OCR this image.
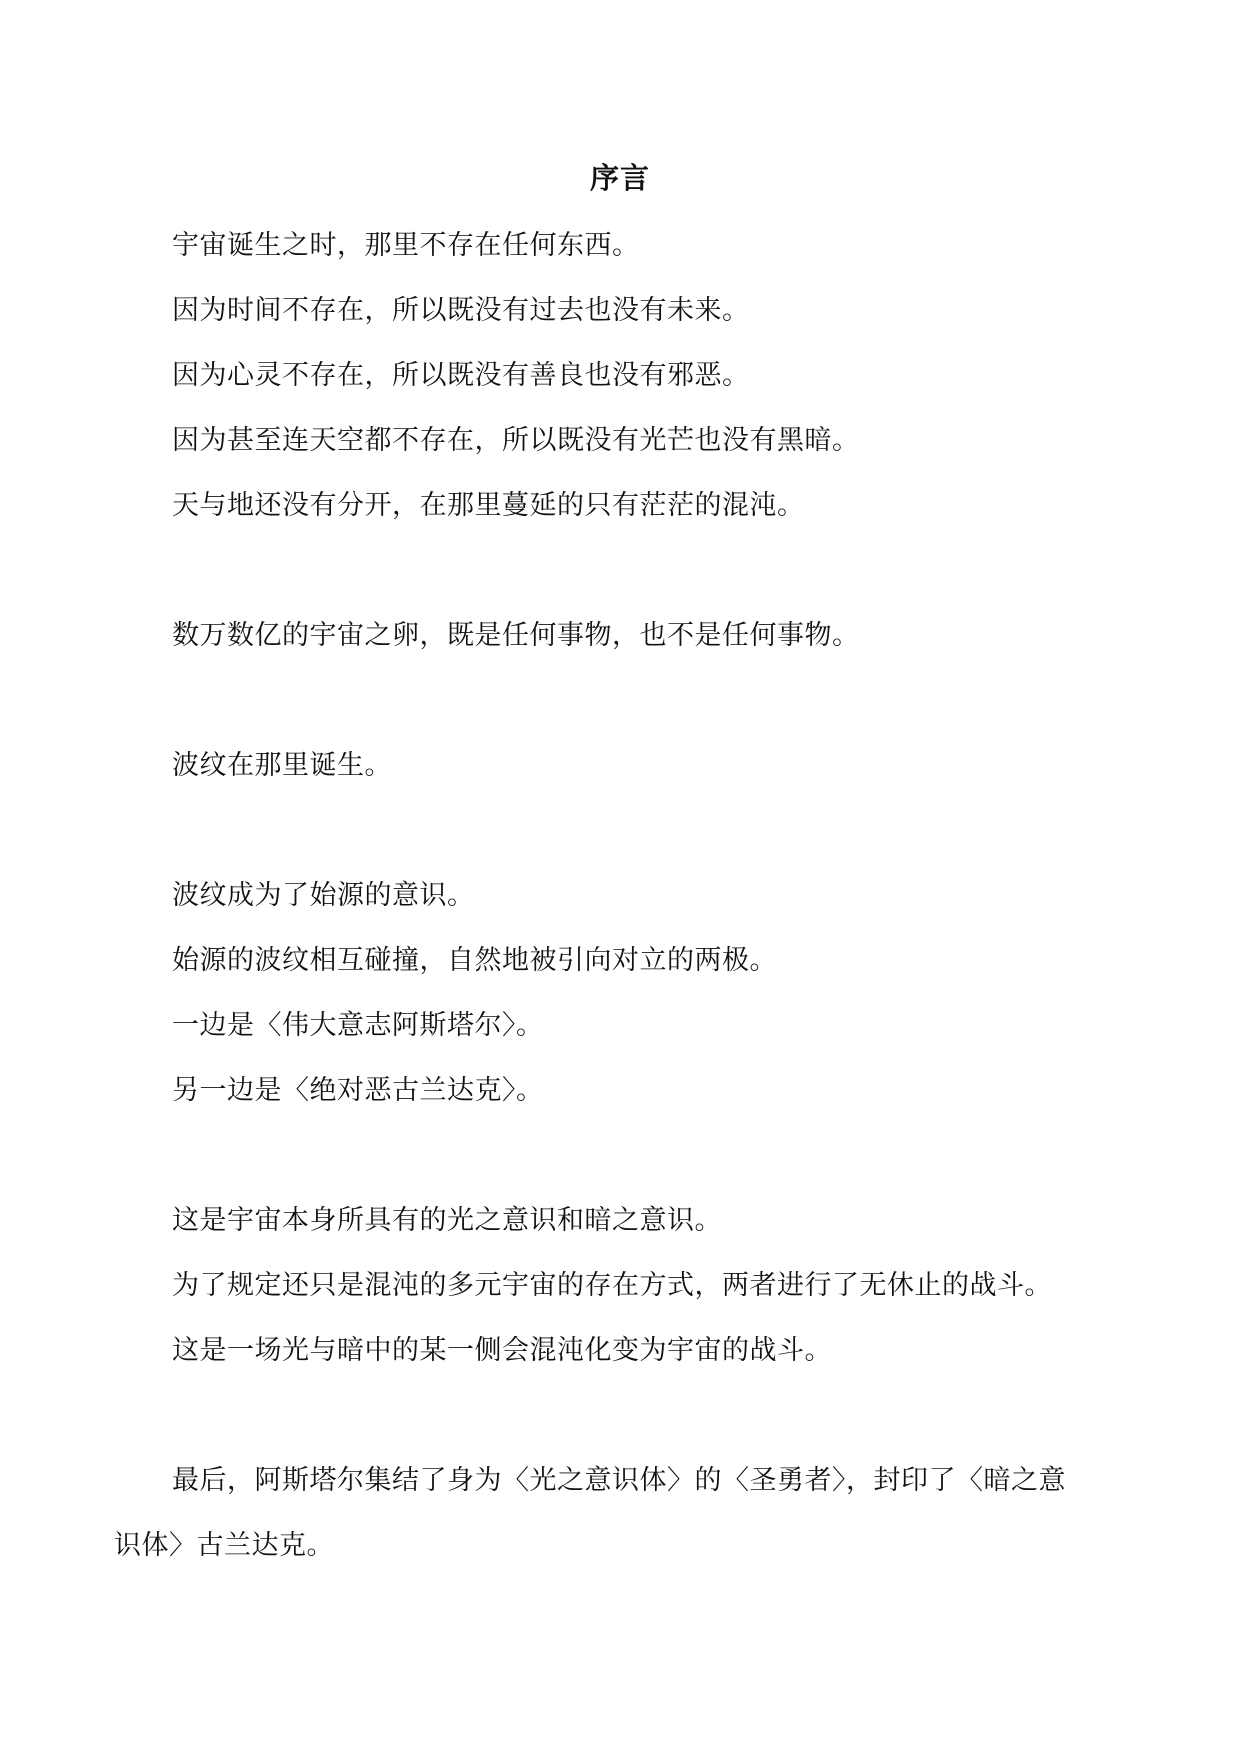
序言
宇宙诞生之时，那里不存在任何东西。
因为时间不存在，所以既没有过去也没有未来。
因为心灵不存在，所以既没有善良也没有邪恶。
因为甚至连天空都不存在，所以既没有光芒也没有黑暗。
天与地还没有分开，在那里蔓延的只有茫茫的混沌。
数万数亿的宇宙之卵，既是任何事物，也不是任何事物。
波纹在那里诞生。
波纹成为了始源的意识。
始源的波纹相互碰撞，自然地被引向对立的两极。
一边是〈伟大意志阿斯塔尔〉。
另一边是〈绝对恶古兰达克〉。
这是宇宙本身所具有的光之意识和暗之意识。
为了规定还只是混沌的多元宇宙的存在方式，两者进行了无休止的战斗。
这是一场光与暗中的某一侧会混沌化变为宇宙的战斗。
最后，阿斯塔尔集结了身为〈光之意识体〉的〈圣勇者〉，封印了〈暗之意
识体〉古兰达克。
